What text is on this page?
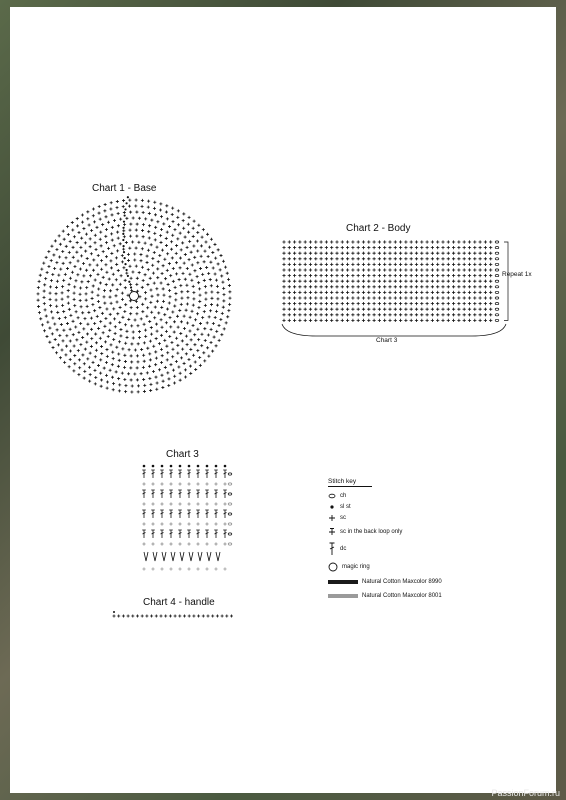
Chart 1 - Base
Chart 2 - Body
Repeat 1x
Chart 3
Chart 3
Chart 4 - handle
Stitch key
ch
sl st
sc
sc in the back loop only
dc
magic ring
Natural Cotton Maxcolor 8990
Natural Cotton Maxcolor 8001
PassionForum.ru
